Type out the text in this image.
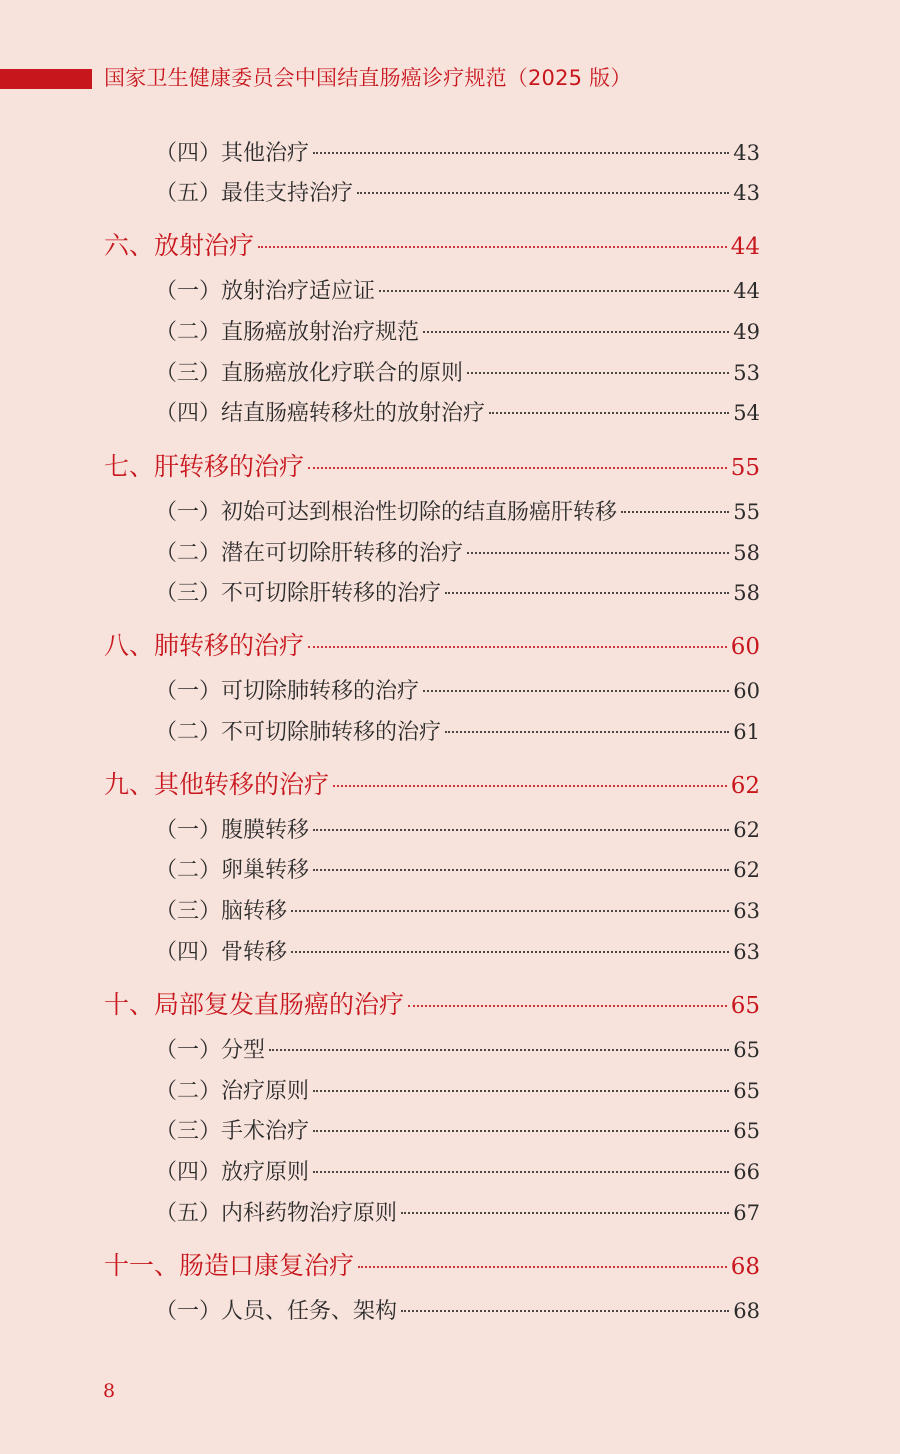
国家卫生健康委员会中国结直肠癌诊疗规范（2025 版）
（四）其他治疗	43
（五）最佳支持治疗	43
六、放射治疗	44
（一）放射治疗适应证	44
（二）直肠癌放射治疗规范	49
（三）直肠癌放化疗联合的原则	53
（四）结直肠癌转移灶的放射治疗	54
七、肝转移的治疗	55
（一）初始可达到根治性切除的结直肠癌肝转移	55
（二）潜在可切除肝转移的治疗	58
（三）不可切除肝转移的治疗	58
八、肺转移的治疗	60
（一）可切除肺转移的治疗	60
（二）不可切除肺转移的治疗	61
九、其他转移的治疗	62
（一）腹膜转移	62
（二）卵巢转移	62
（三）脑转移	63
（四）骨转移	63
十、局部复发直肠癌的治疗	65
（一）分型	65
（二）治疗原则	65
（三）手术治疗	65
（四）放疗原则	66
（五）内科药物治疗原则	67
十一、肠造口康复治疗	68
（一）人员、任务、架构	68
8
